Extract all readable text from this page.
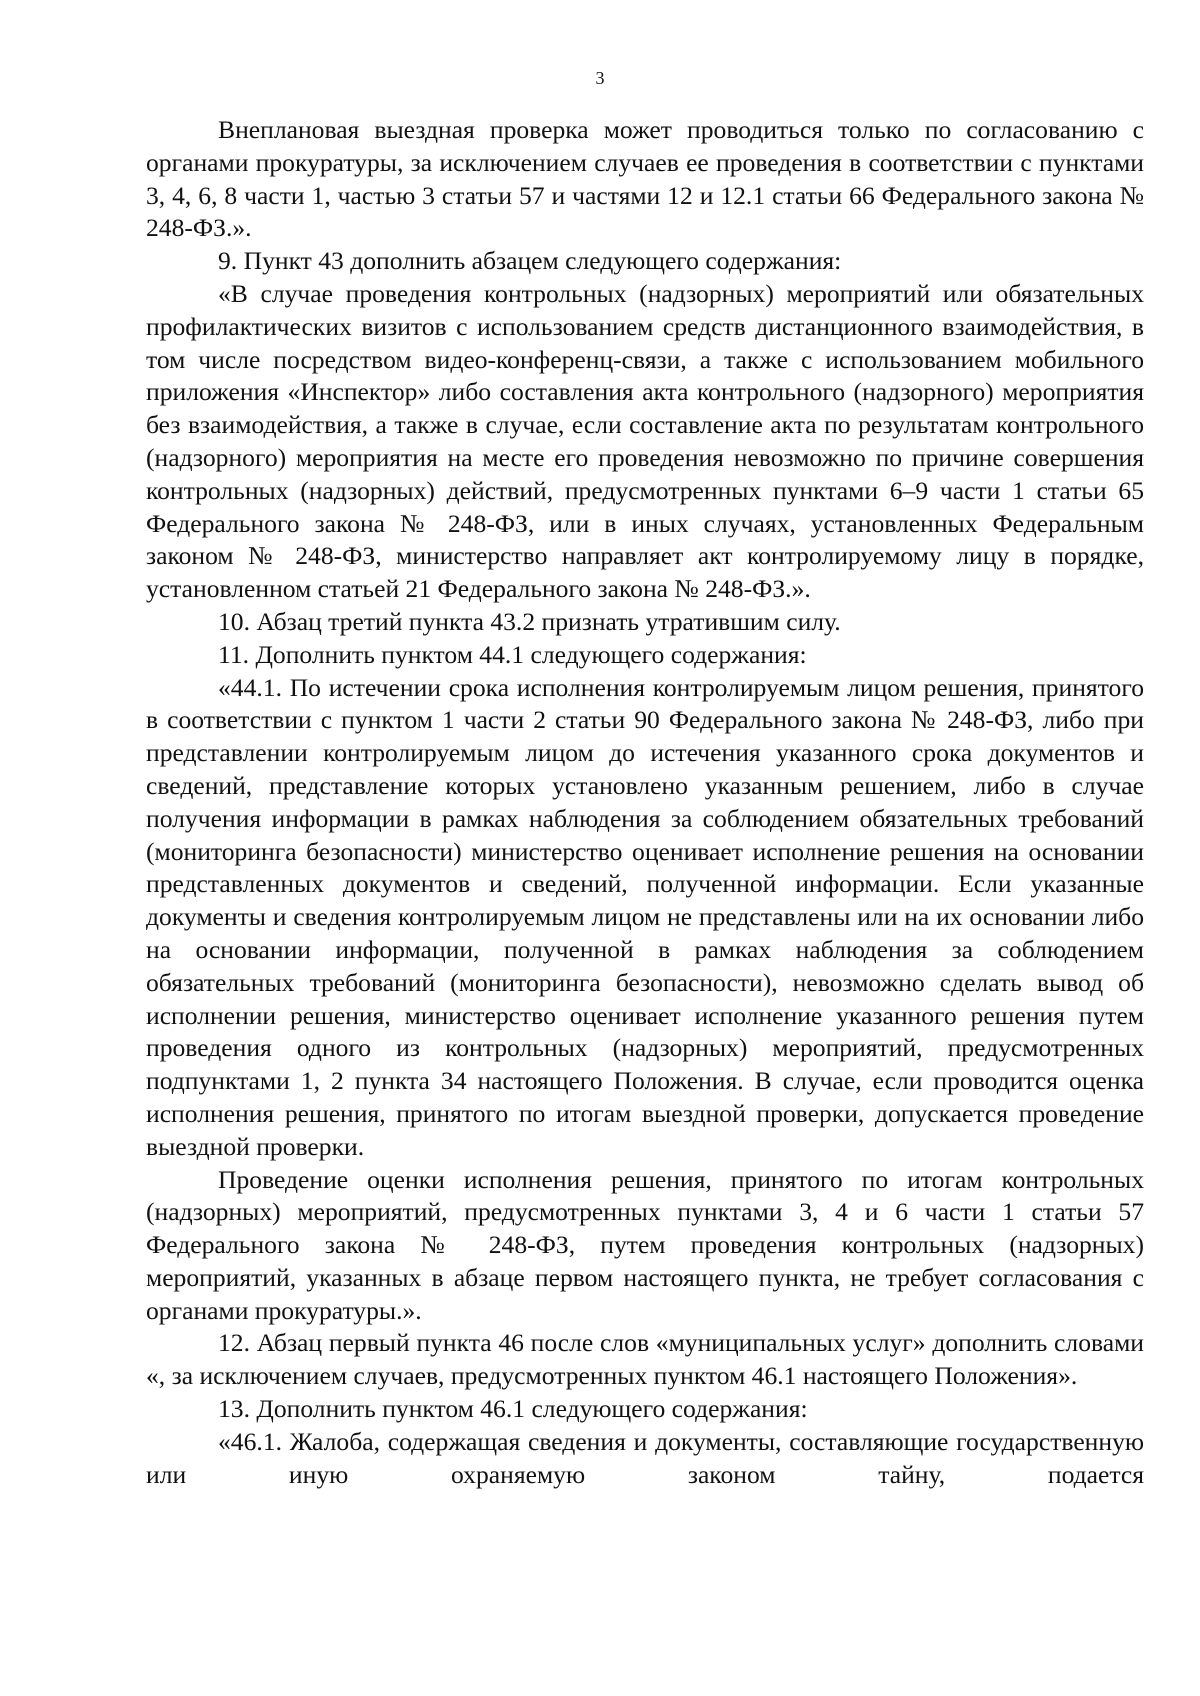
3

Внеплановая выездная проверка может проводиться только по согласованию с органами прокуратуры, за исключением случаев ее проведения в соответствии с пунктами 3, 4, 6, 8 части 1, частью 3 статьи 57 и частями 12 и 12.1 статьи 66 Федерального закона № 248-ФЗ.».

9. Пункт 43 дополнить абзацем следующего содержания:

«В случае проведения контрольных (надзорных) мероприятий или обязательных профилактических визитов с использованием средств дистанционного взаимодействия, в том числе посредством видео-конференц-связи, а также с использованием мобильного приложения «Инспектор» либо составления акта контрольного (надзорного) мероприятия без взаимодействия, а также в случае, если составление акта по результатам контрольного (надзорного) мероприятия на месте его проведения невозможно по причине совершения контрольных (надзорных) действий, предусмотренных пунктами 6–9 части 1 статьи 65 Федерального закона № 248-ФЗ, или в иных случаях, установленных Федеральным законом № 248-ФЗ, министерство направляет акт контролируемому лицу в порядке, установленном статьей 21 Федерального закона № 248-ФЗ.».

10. Абзац третий пункта 43.2 признать утратившим силу.

11. Дополнить пунктом 44.1 следующего содержания:

«44.1. По истечении срока исполнения контролируемым лицом решения, принятого в соответствии с пунктом 1 части 2 статьи 90 Федерального закона № 248-ФЗ, либо при представлении контролируемым лицом до истечения указанного срока документов и сведений, представление которых установлено указанным решением, либо в случае получения информации в рамках наблюдения за соблюдением обязательных требований (мониторинга безопасности) министерство оценивает исполнение решения на основании представленных документов и сведений, полученной информации. Если указанные документы и сведения контролируемым лицом не представлены или на их основании либо на основании информации, полученной в рамках наблюдения за соблюдением обязательных требований (мониторинга безопасности), невозможно сделать вывод об исполнении решения, министерство оценивает исполнение указанного решения путем проведения одного из контрольных (надзорных) мероприятий, предусмотренных подпунктами 1, 2 пункта 34 настоящего Положения. В случае, если проводится оценка исполнения решения, принятого по итогам выездной проверки, допускается проведение выездной проверки.

Проведение оценки исполнения решения, принятого по итогам контрольных (надзорных) мероприятий, предусмотренных пунктами 3, 4 и 6 части 1 статьи 57 Федерального закона № 248-ФЗ, путем проведения контрольных (надзорных) мероприятий, указанных в абзаце первом настоящего пункта, не требует согласования с органами прокуратуры.».

12. Абзац первый пункта 46 после слов «муниципальных услуг» дополнить словами «, за исключением случаев, предусмотренных пунктом 46.1 настоящего Положения».

13. Дополнить пунктом 46.1 следующего содержания:

«46.1. Жалоба, содержащая сведения и документы, составляющие государственную или иную охраняемую законом тайну, подается
